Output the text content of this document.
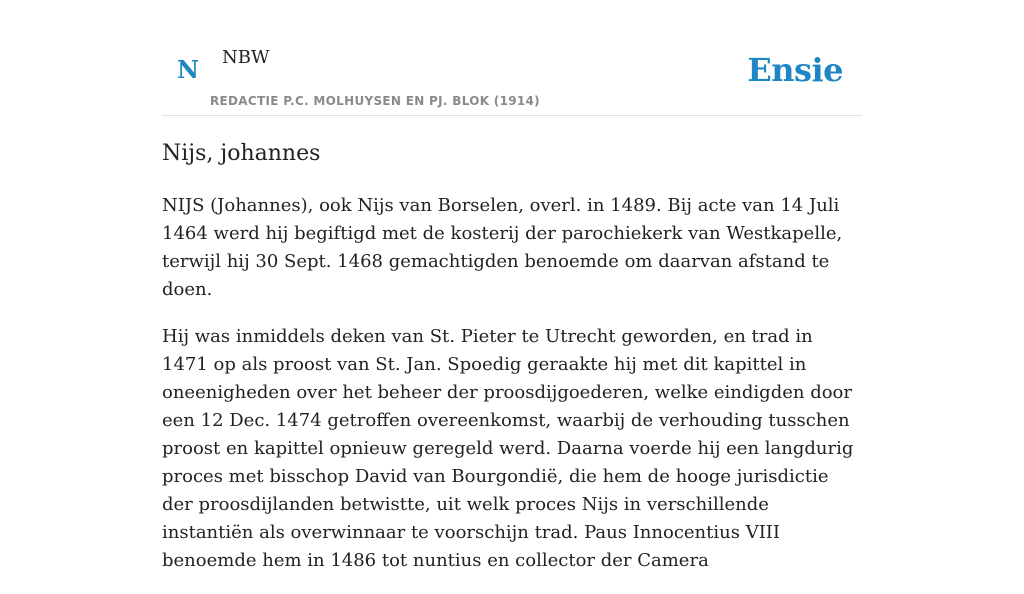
N NBW
REDACTIE P.C. MOLHUYSEN EN PJ. BLOK (1914)
Ensie
Nijs, johannes

NIJS (Johannes), ook Nijs van Borselen, overl. in 1489. Bij acte van 14 Juli 1464 werd hij begiftigd met de kosterij der parochiekerk van Westkapelle, terwijl hij 30 Sept. 1468 gemachtigden benoemde om daarvan afstand te doen.

Hij was inmiddels deken van St. Pieter te Utrecht geworden, en trad in 1471 op als proost van St. Jan. Spoedig geraakte hij met dit kapittel in oneenigheden over het beheer der proosdijgoederen, welke eindigden door een 12 Dec. 1474 getroffen overeenkomst, waarbij de verhouding tusschen proost en kapittel opnieuw geregeld werd. Daarna voerde hij een langdurig proces met bisschop David van Bourgondië, die hem de hooge jurisdictie der proosdijlanden betwistte, uit welk proces Nijs in verschillende instantiën als overwinnaar te voorschijn trad. Paus Innocentius VIII benoemde hem in 1486 tot nuntius en collector der Camera
